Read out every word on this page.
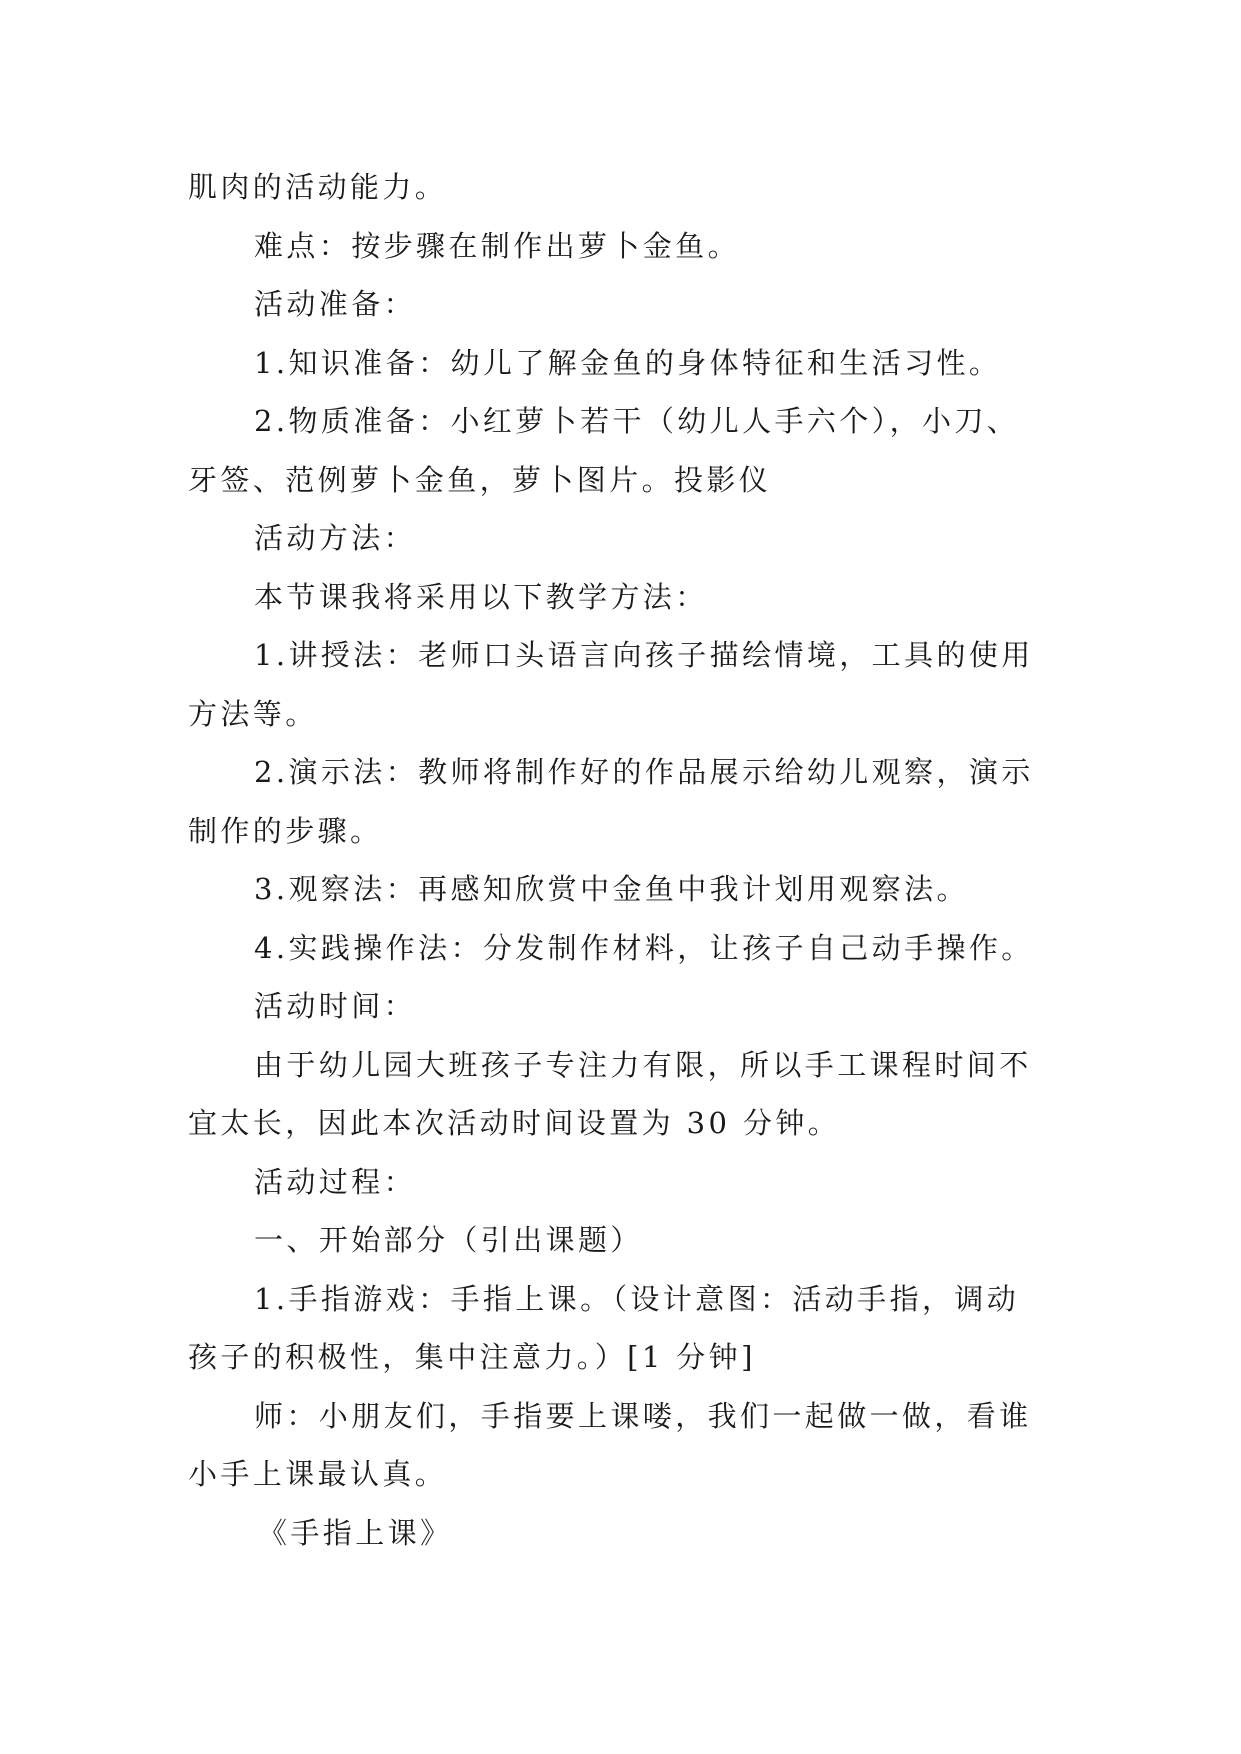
肌肉的活动能力。

难点：按步骤在制作出萝卜金鱼。

活动准备：

1.知识准备：幼儿了解金鱼的身体特征和生活习性。

2.物质准备：小红萝卜若干（幼儿人手六个），小刀、

牙签、范例萝卜金鱼，萝卜图片。投影仪

活动方法：

本节课我将采用以下教学方法：

1.讲授法：老师口头语言向孩子描绘情境，工具的使用

方法等。

2.演示法：教师将制作好的作品展示给幼儿观察，演示

制作的步骤。

3.观察法：再感知欣赏中金鱼中我计划用观察法。

4.实践操作法：分发制作材料，让孩子自己动手操作。

活动时间：

由于幼儿园大班孩子专注力有限，所以手工课程时间不

宜太长，因此本次活动时间设置为 30 分钟。

活动过程：

一、开始部分（引出课题）

1.手指游戏：手指上课。（设计意图：活动手指，调动

孩子的积极性，集中注意力。）[1 分钟]

师：小朋友们，手指要上课喽，我们一起做一做，看谁

小手上课最认真。

《手指上课》
